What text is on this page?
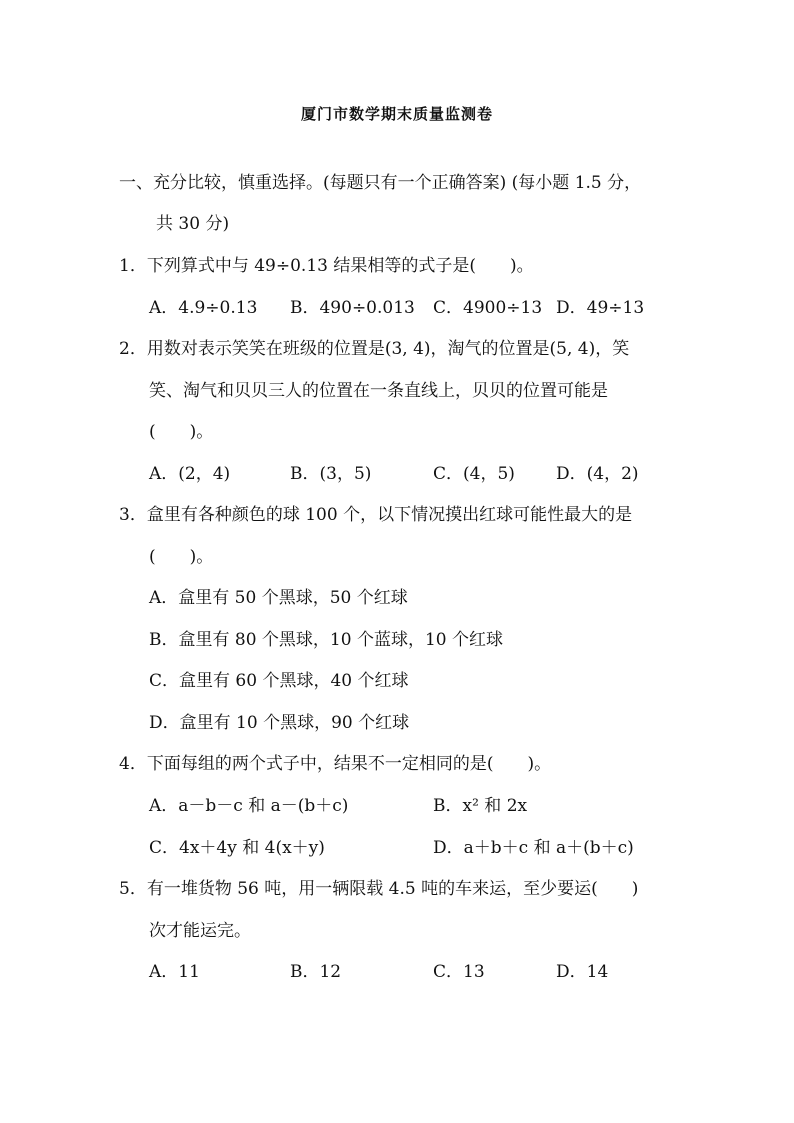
厦门市数学期末质量监测卷
一、充分比较，慎重选择。(每题只有一个正确答案) (每小题 1.5 分，
共 30 分)
1．下列算式中与 49÷0.13 结果相等的式子是(　　)。
A．4.9÷0.13 B．490÷0.013 C．4900÷13 D．49÷13
2．用数对表示笑笑在班级的位置是(3, 4)，淘气的位置是(5, 4)，笑
笑、淘气和贝贝三人的位置在一条直线上，贝贝的位置可能是
(　　)。
A．(2，4)	B．(3，5)	C．(4，5) D．(4，2)
3．盒里有各种颜色的球 100 个，以下情况摸出红球可能性最大的是
(　　)。
A．盒里有 50 个黑球，50 个红球
B．盒里有 80 个黑球，10 个蓝球，10 个红球
C．盒里有 60 个黑球，40 个红球
D．盒里有 10 个黑球，90 个红球
4．下面每组的两个式子中，结果不一定相同的是(　　)。
A．a－b－c 和 a－(b＋c)	B．x² 和 2x
C．4x＋4y 和 4(x＋y)	D．a＋b＋c 和 a＋(b＋c)
5．有一堆货物 56 吨，用一辆限载 4.5 吨的车来运，至少要运(　　)
次才能运完。
A．11	B．12	C．13	D．14
